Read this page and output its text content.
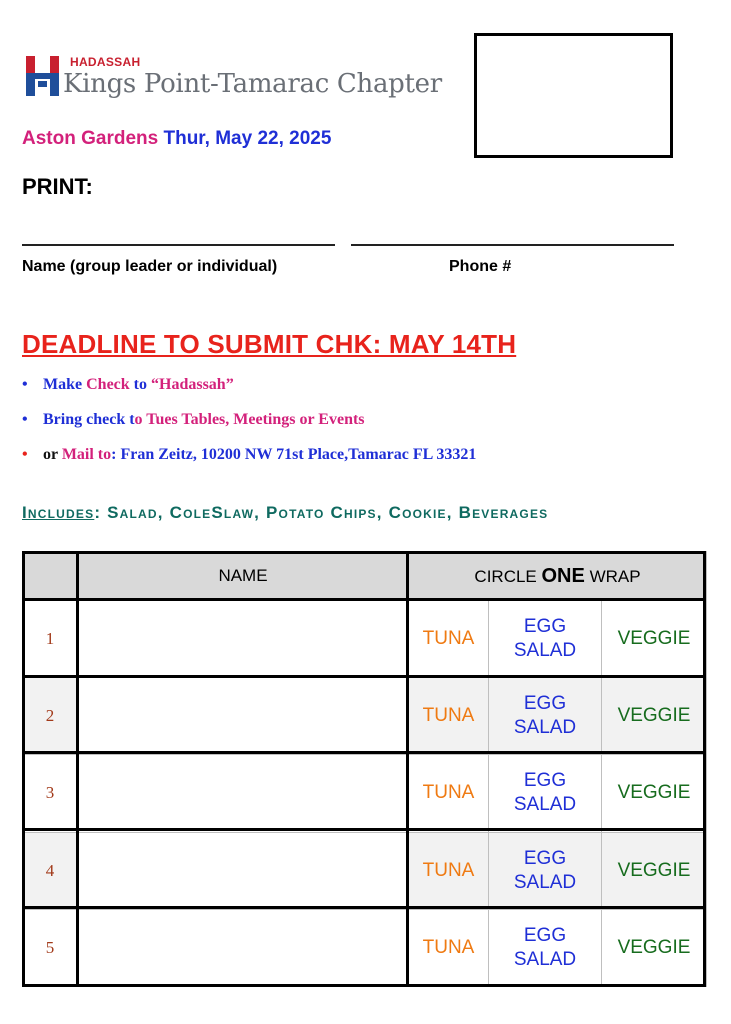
HADASSAH
Kings Point-Tamarac Chapter
Aston Gardens Thur, May 22, 2025
PRINT:
Name (group leader or individual)	Phone #
DEADLINE TO SUBMIT CHK: MAY 14TH
• Make Check to “Hadassah”
• Bring check to Tues Tables, Meetings or Events
• or Mail to: Fran Zeitz, 10200 NW 71st Place,Tamarac FL 33321
Includes: Salad, ColeSlaw, Potato Chips, Cookie, Beverages
	NAME	CIRCLE ONE WRAP		
1		TUNA	EGG
SALAD	VEGGIE
2		TUNA	EGG
SALAD	VEGGIE
3		TUNA	EGG
SALAD	VEGGIE
4		TUNA	EGG
SALAD	VEGGIE
5		TUNA	EGG
SALAD	VEGGIE
